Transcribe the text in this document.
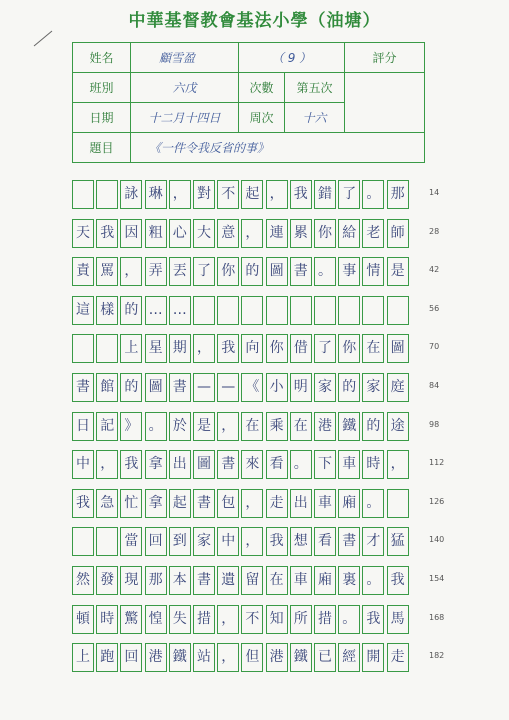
中華基督教會基法小學（油塘）
姓名	顧雪盈	（ 9 ）		評分
班別	六戊	次數	第五次	
日期	十二月十四日	周次	十六	
題目	《一件令我反省的事》			
詠 琳 ， 對 不 起 ， 我 錯 了 。 那	14
天 我 因 粗 心 大 意 ， 連 累 你 給 老 師	28
責 罵 ， 弄 丟 了 你 的 圖 書 。 事 情 是	42
這 樣 的 … …	56
上 星 期 ， 我 向 你 借 了 你 在 圖	70
書 館 的 圖 書 — — 《 小 明 家 的 家 庭	84
日 記 》 。 於 是 ， 在 乘 在 港 鐵 的 途	98
中 ， 我 拿 出 圖 書 來 看 。 下 車 時 ，	112
我 急 忙 拿 起 書 包 ， 走 出 車 廂 。	126
當 回 到 家 中 ， 我 想 看 書 才 猛	140
然 發 現 那 本 書 遺 留 在 車 廂 裏 。 我	154
頓 時 驚 惶 失 措 ， 不 知 所 措 。 我 馬	168
上 跑 回 港 鐵 站 ， 但 港 鐵 已 經 開 走	182
